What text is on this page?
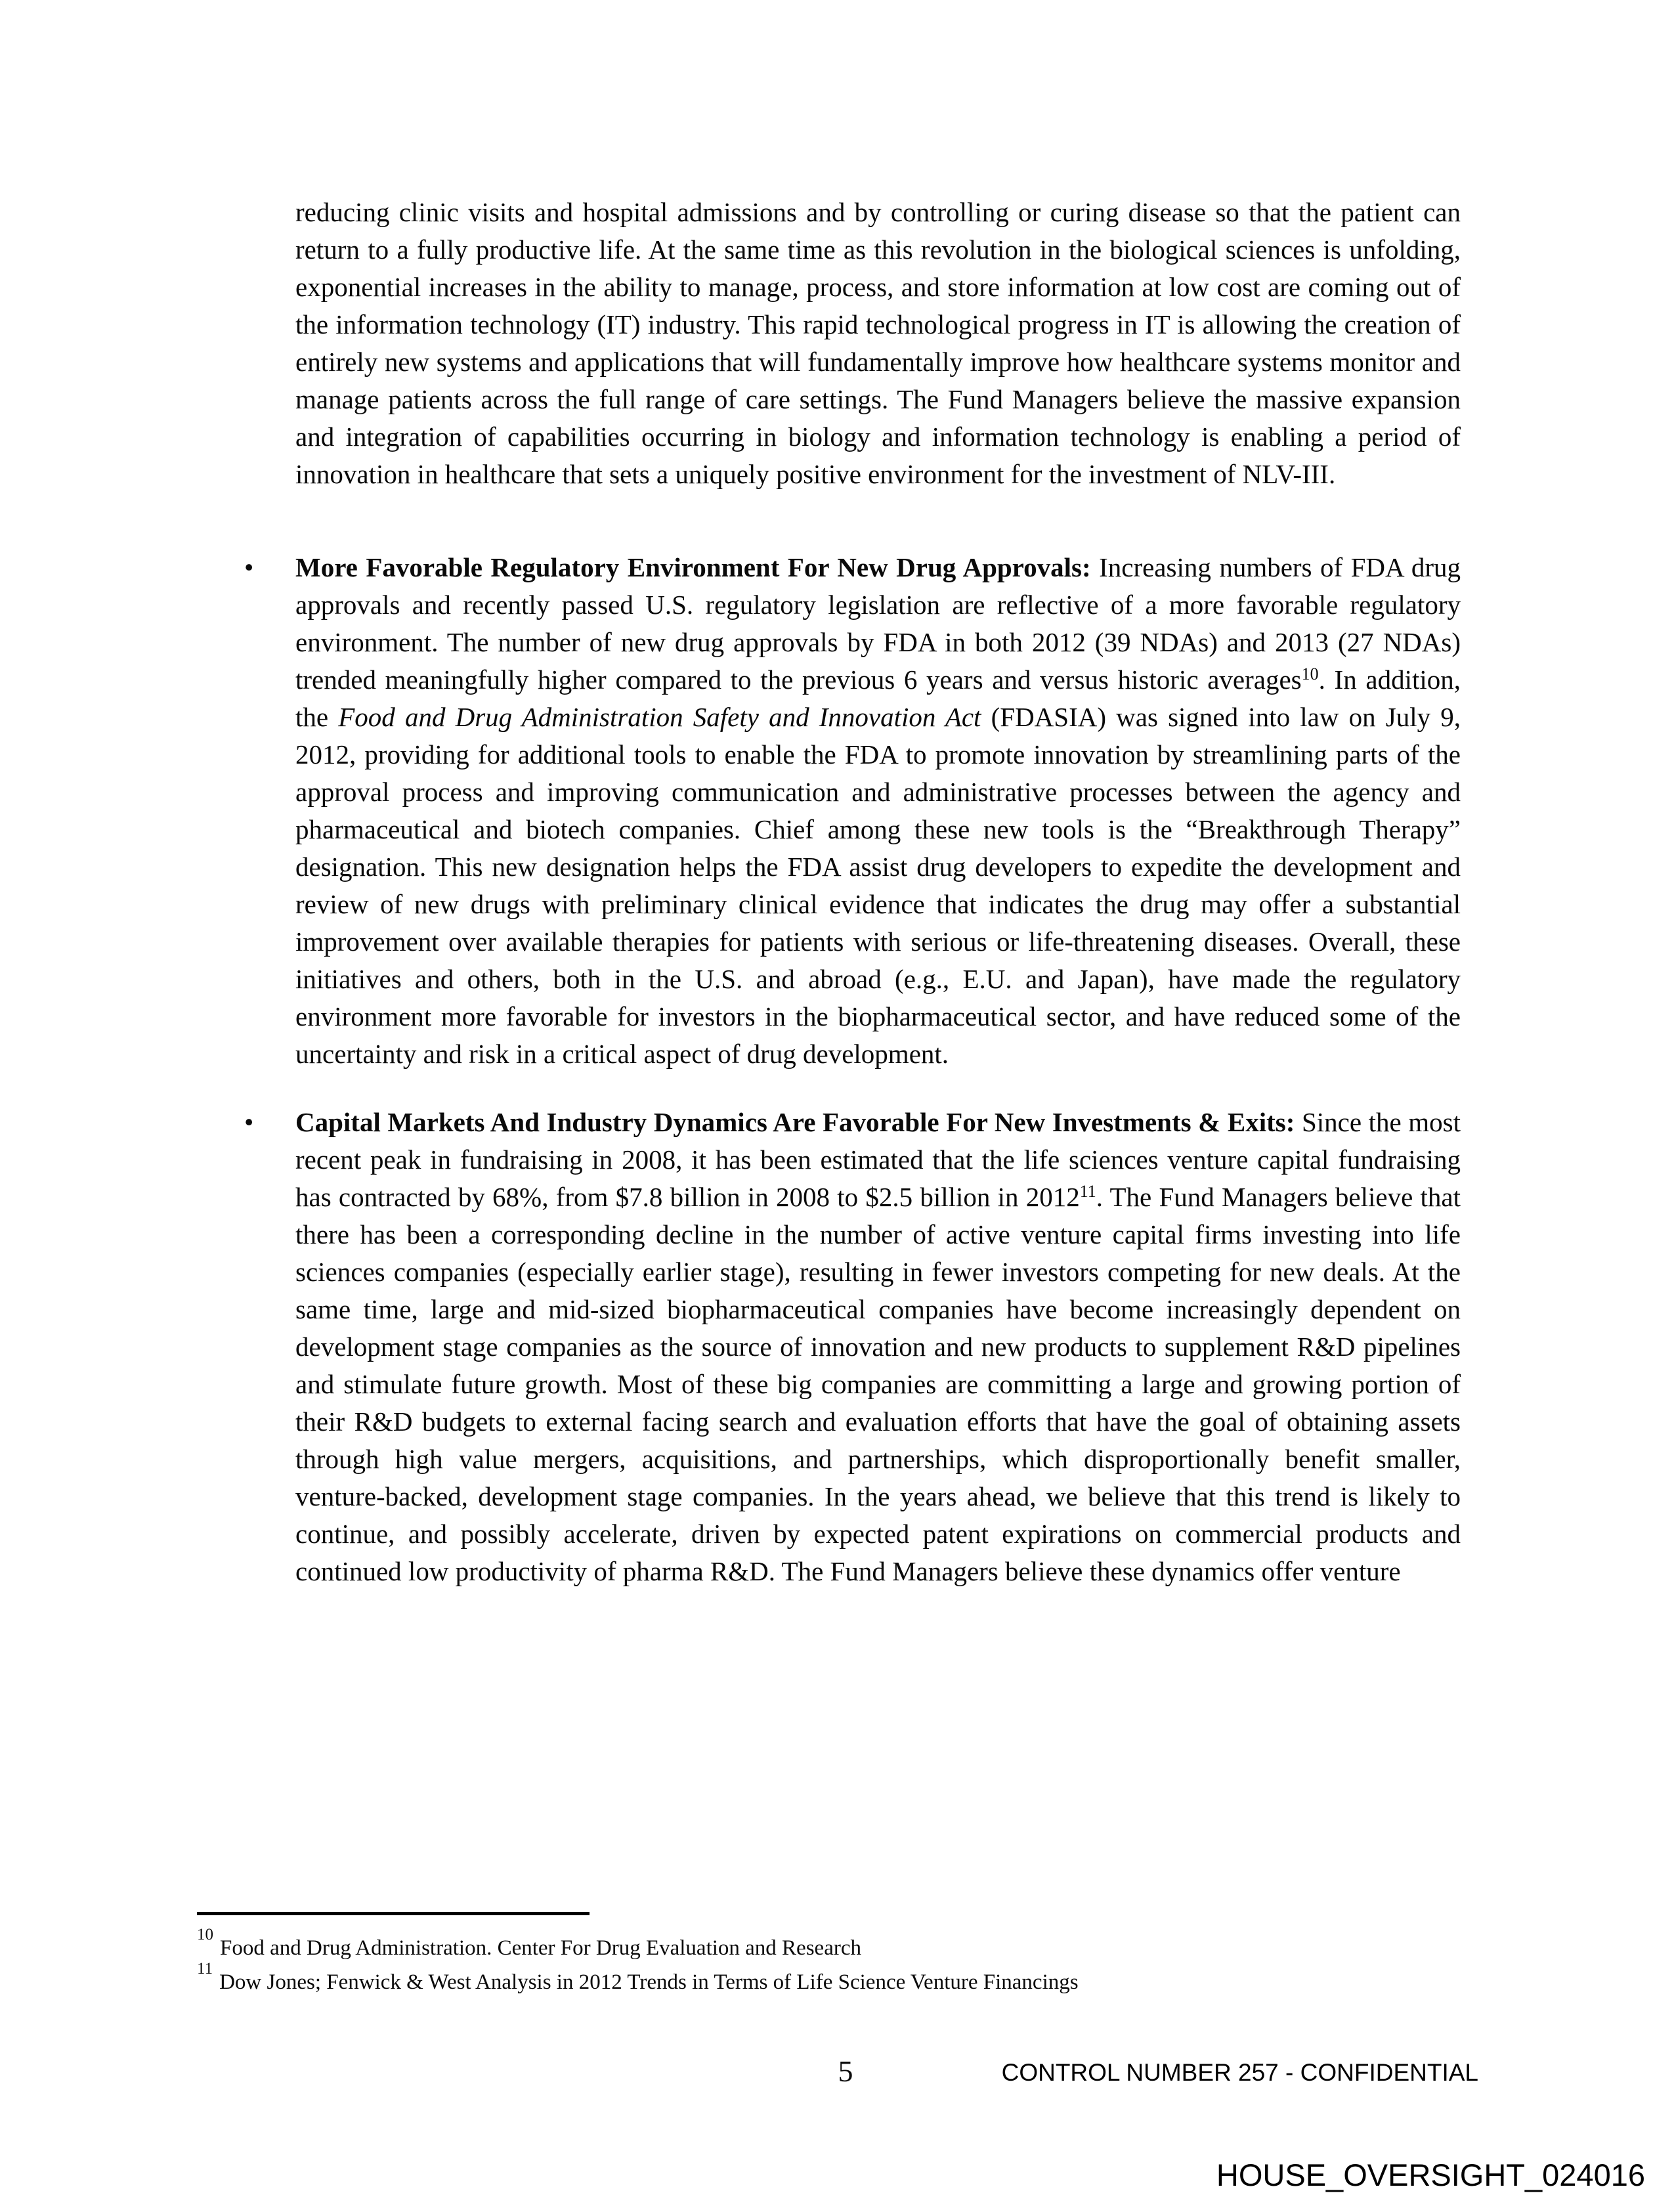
reducing clinic visits and hospital admissions and by controlling or curing disease so that the patient can return to a fully productive life. At the same time as this revolution in the biological sciences is unfolding, exponential increases in the ability to manage, process, and store information at low cost are coming out of the information technology (IT) industry. This rapid technological progress in IT is allowing the creation of entirely new systems and applications that will fundamentally improve how healthcare systems monitor and manage patients across the full range of care settings. The Fund Managers believe the massive expansion and integration of capabilities occurring in biology and information technology is enabling a period of innovation in healthcare that sets a uniquely positive environment for the investment of NLV-III.

•	More Favorable Regulatory Environment For New Drug Approvals: Increasing numbers of FDA drug approvals and recently passed U.S. regulatory legislation are reflective of a more favorable regulatory environment. The number of new drug approvals by FDA in both 2012 (39 NDAs) and 2013 (27 NDAs) trended meaningfully higher compared to the previous 6 years and versus historic averages$^{10}$. In addition, the Food and Drug Administration Safety and Innovation Act (FDASIA) was signed into law on July 9, 2012, providing for additional tools to enable the FDA to promote innovation by streamlining parts of the approval process and improving communication and administrative processes between the agency and pharmaceutical and biotech companies. Chief among these new tools is the “Breakthrough Therapy” designation. This new designation helps the FDA assist drug developers to expedite the development and review of new drugs with preliminary clinical evidence that indicates the drug may offer a substantial improvement over available therapies for patients with serious or life-threatening diseases. Overall, these initiatives and others, both in the U.S. and abroad (e.g., E.U. and Japan), have made the regulatory environment more favorable for investors in the biopharmaceutical sector, and have reduced some of the uncertainty and risk in a critical aspect of drug development.
•	Capital Markets And Industry Dynamics Are Favorable For New Investments & Exits: Since the most recent peak in fundraising in 2008, it has been estimated that the life sciences venture capital fundraising has contracted by 68%, from $7.8 billion in 2008 to $2.5 billion in 2012$^{11}$. The Fund Managers believe that there has been a corresponding decline in the number of active venture capital firms investing into life sciences companies (especially earlier stage), resulting in fewer investors competing for new deals. At the same time, large and mid-sized biopharmaceutical companies have become increasingly dependent on development stage companies as the source of innovation and new products to supplement R&D pipelines and stimulate future growth. Most of these big companies are committing a large and growing portion of their R&D budgets to external facing search and evaluation efforts that have the goal of obtaining assets through high value mergers, acquisitions, and partnerships, which disproportionally benefit smaller, venture-backed, development stage companies. In the years ahead, we believe that this trend is likely to continue, and possibly accelerate, driven by expected patent expirations on commercial products and continued low productivity of pharma R&D. The Fund Managers believe these dynamics offer venture
$^{10}$Food and Drug Administration. Center For Drug Evaluation and Research
$^{11}$Dow Jones; Fenwick & West Analysis in 2012 Trends in Terms of Life Science Venture Financings
5	CONTROL NUMBER 257 - CONFIDENTIAL
HOUSE_OVERSIGHT_024016
